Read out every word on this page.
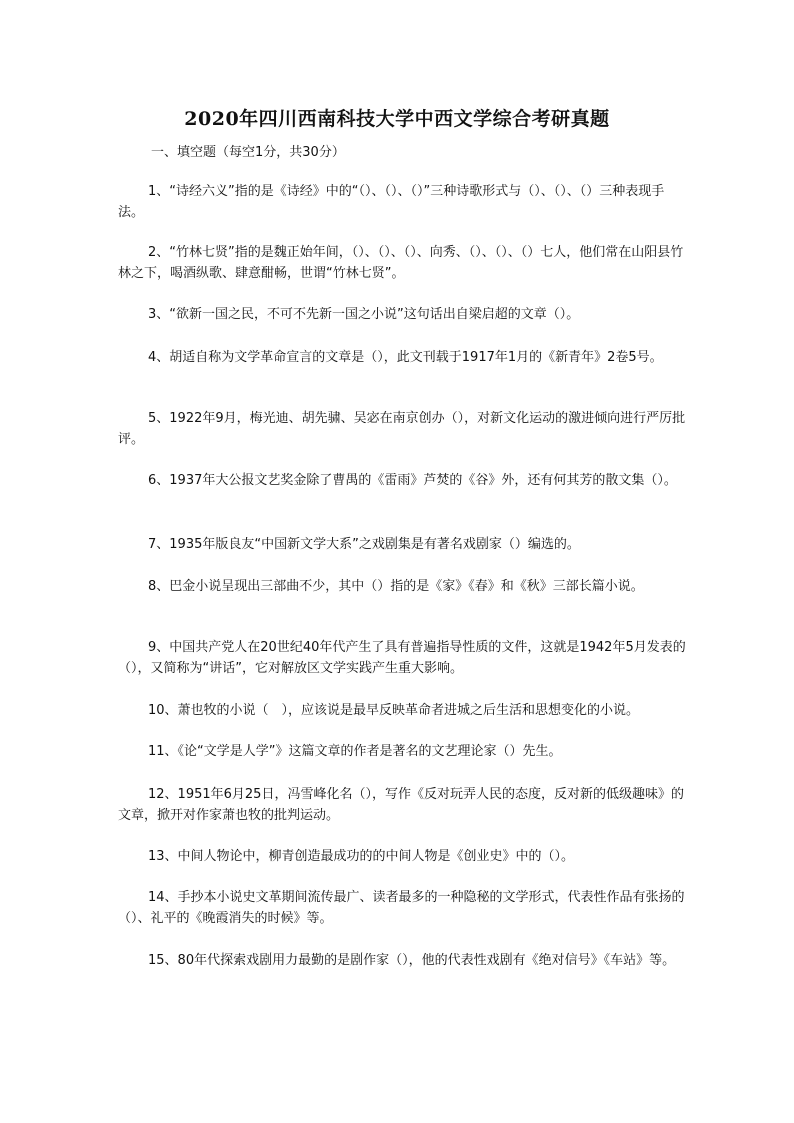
2020年四川西南科技大学中西文学综合考研真题
一、填空题（每空1分，共30分）
1、“诗经六义”指的是《诗经》中的“（）、（）、（）”三种诗歌形式与（）、（）、（）三种表现手法。
2、“竹林七贤”指的是魏正始年间，（）、（）、（）、向秀、（）、（）、（）七人，他们常在山阳县竹林之下，喝酒纵歌、肆意酣畅，世谓“竹林七贤”。
3、“欲新一国之民，不可不先新一国之小说”这句话出自梁启超的文章（）。
4、胡适自称为文学革命宣言的文章是（），此文刊载于1917年1月的《新青年》2卷5号。
5、1922年9月，梅光迪、胡先骕、吴宓在南京创办（），对新文化运动的激进倾向进行严厉批评。
6、1937年大公报文艺奖金除了曹禺的《雷雨》芦焚的《谷》外，还有何其芳的散文集（）。
7、1935年版良友“中国新文学大系”之戏剧集是有著名戏剧家（）编选的。
8、巴金小说呈现出三部曲不少，其中（）指的是《家》《春》和《秋》三部长篇小说。
9、中国共产党人在20世纪40年代产生了具有普遍指导性质的文件，这就是1942年5月发表的（），又简称为“讲话”，它对解放区文学实践产生重大影响。
10、萧也牧的小说（　），应该说是最早反映革命者进城之后生活和思想变化的小说。
11、《论“文学是人学”》这篇文章的作者是著名的文艺理论家（）先生。
12、1951年6月25日，冯雪峰化名（），写作《反对玩弄人民的态度，反对新的低级趣味》的文章，掀开对作家萧也牧的批判运动。
13、中间人物论中，柳青创造最成功的的中间人物是《创业史》中的（）。
14、手抄本小说史文革期间流传最广、读者最多的一种隐秘的文学形式，代表性作品有张扬的（）、礼平的《晚霞消失的时候》等。
15、80年代探索戏剧用力最勤的是剧作家（），他的代表性戏剧有《绝对信号》《车站》等。
